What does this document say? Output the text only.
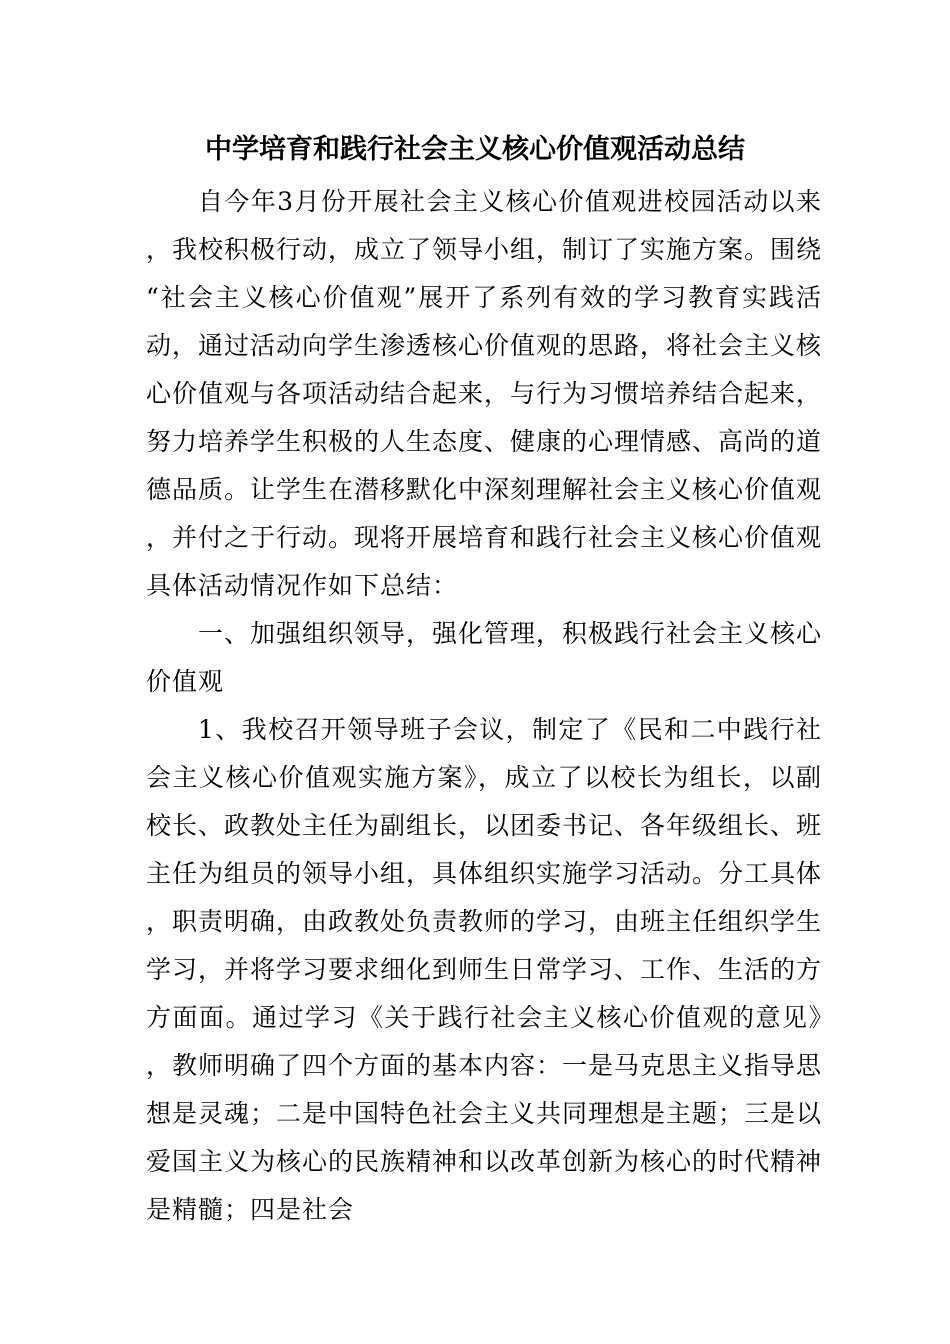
中学培育和践行社会主义核心价值观活动总结

自今年3月份开展社会主义核心价值观进校园活动以来，我校积极行动，成立了领导小组，制订了实施方案。围绕“社会主义核心价值观”展开了系列有效的学习教育实践活动，通过活动向学生渗透核心价值观的思路，将社会主义核心价值观与各项活动结合起来，与行为习惯培养结合起来，努力培养学生积极的人生态度、健康的心理情感、高尚的道德品质。让学生在潜移默化中深刻理解社会主义核心价值观，并付之于行动。现将开展培育和践行社会主义核心价值观具体活动情况作如下总结：

一、加强组织领导，强化管理，积极践行社会主义核心价值观

1、我校召开领导班子会议，制定了《民和二中践行社会主义核心价值观实施方案》，成立了以校长为组长，以副校长、政教处主任为副组长，以团委书记、各年级组长、班主任为组员的领导小组，具体组织实施学习活动。分工具体，职责明确，由政教处负责教师的学习，由班主任组织学生学习，并将学习要求细化到师生日常学习、工作、生活的方方面面。通过学习《关于践行社会主义核心价值观的意见》，教师明确了四个方面的基本内容：一是马克思主义指导思想是灵魂；二是中国特色社会主义共同理想是主题；三是以爱国主义为核心的民族精神和以改革创新为核心的时代精神是精髓；四是社会
